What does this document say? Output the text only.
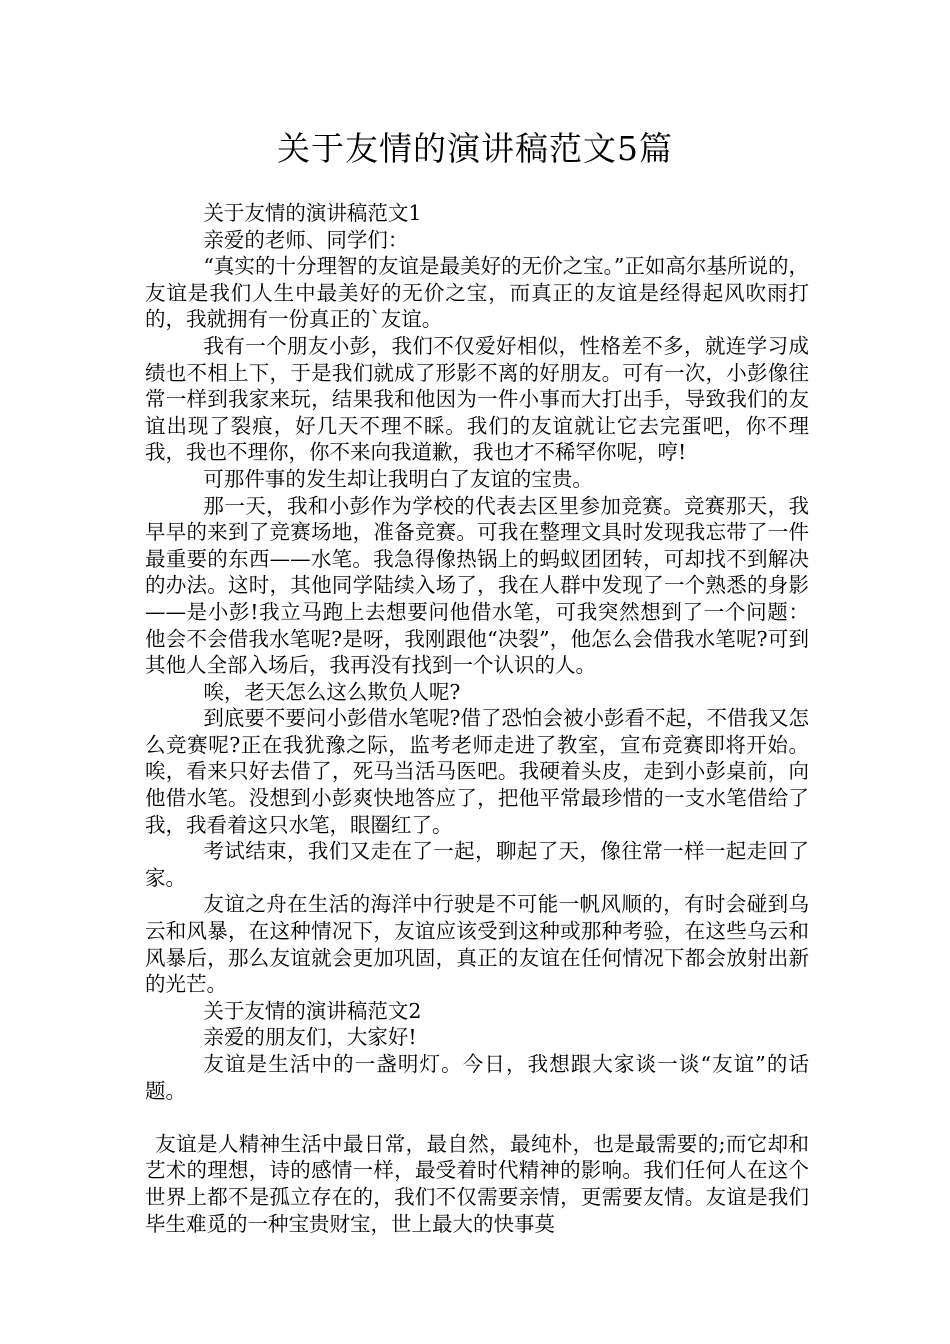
关于友情的演讲稿范文5篇

关于友情的演讲稿范文1

亲爱的老师、同学们：

“真实的十分理智的友谊是最美好的无价之宝。”正如高尔基所说的，友谊是我们人生中最美好的无价之宝，而真正的友谊是经得起风吹雨打的，我就拥有一份真正的`友谊。

我有一个朋友小彭，我们不仅爱好相似，性格差不多，就连学习成绩也不相上下，于是我们就成了形影不离的好朋友。可有一次，小彭像往常一样到我家来玩，结果我和他因为一件小事而大打出手，导致我们的友谊出现了裂痕，好几天不理不睬。我们的友谊就让它去完蛋吧，你不理我，我也不理你，你不来向我道歉，我也才不稀罕你呢，哼!

可那件事的发生却让我明白了友谊的宝贵。

那一天，我和小彭作为学校的代表去区里参加竞赛。竞赛那天，我早早的来到了竞赛场地，准备竞赛。可我在整理文具时发现我忘带了一件最重要的东西——水笔。我急得像热锅上的蚂蚁团团转，可却找不到解决的办法。这时，其他同学陆续入场了，我在人群中发现了一个熟悉的身影——是小彭!我立马跑上去想要问他借水笔，可我突然想到了一个问题：他会不会借我水笔呢?是呀，我刚跟他“决裂”，他怎么会借我水笔呢?可到其他人全部入场后，我再没有找到一个认识的人。

唉，老天怎么这么欺负人呢?

到底要不要问小彭借水笔呢?借了恐怕会被小彭看不起，不借我又怎么竞赛呢?正在我犹豫之际，监考老师走进了教室，宣布竞赛即将开始。唉，看来只好去借了，死马当活马医吧。我硬着头皮，走到小彭桌前，向他借水笔。没想到小彭爽快地答应了，把他平常最珍惜的一支水笔借给了我，我看着这只水笔，眼圈红了。

考试结束，我们又走在了一起，聊起了天，像往常一样一起走回了家。

友谊之舟在生活的海洋中行驶是不可能一帆风顺的，有时会碰到乌云和风暴，在这种情况下，友谊应该受到这种或那种考验，在这些乌云和风暴后，那么友谊就会更加巩固，真正的友谊在任何情况下都会放射出新的光芒。

关于友情的演讲稿范文2

亲爱的朋友们，大家好!

友谊是生活中的一盏明灯。今日，我想跟大家谈一谈“友谊”的话题。

友谊是人精神生活中最日常，最自然，最纯朴，也是最需要的;而它却和艺术的理想，诗的感情一样，最受着时代精神的影响。我们任何人在这个世界上都不是孤立存在的，我们不仅需要亲情，更需要友情。友谊是我们毕生难觅的一种宝贵财宝，世上最大的快事莫
